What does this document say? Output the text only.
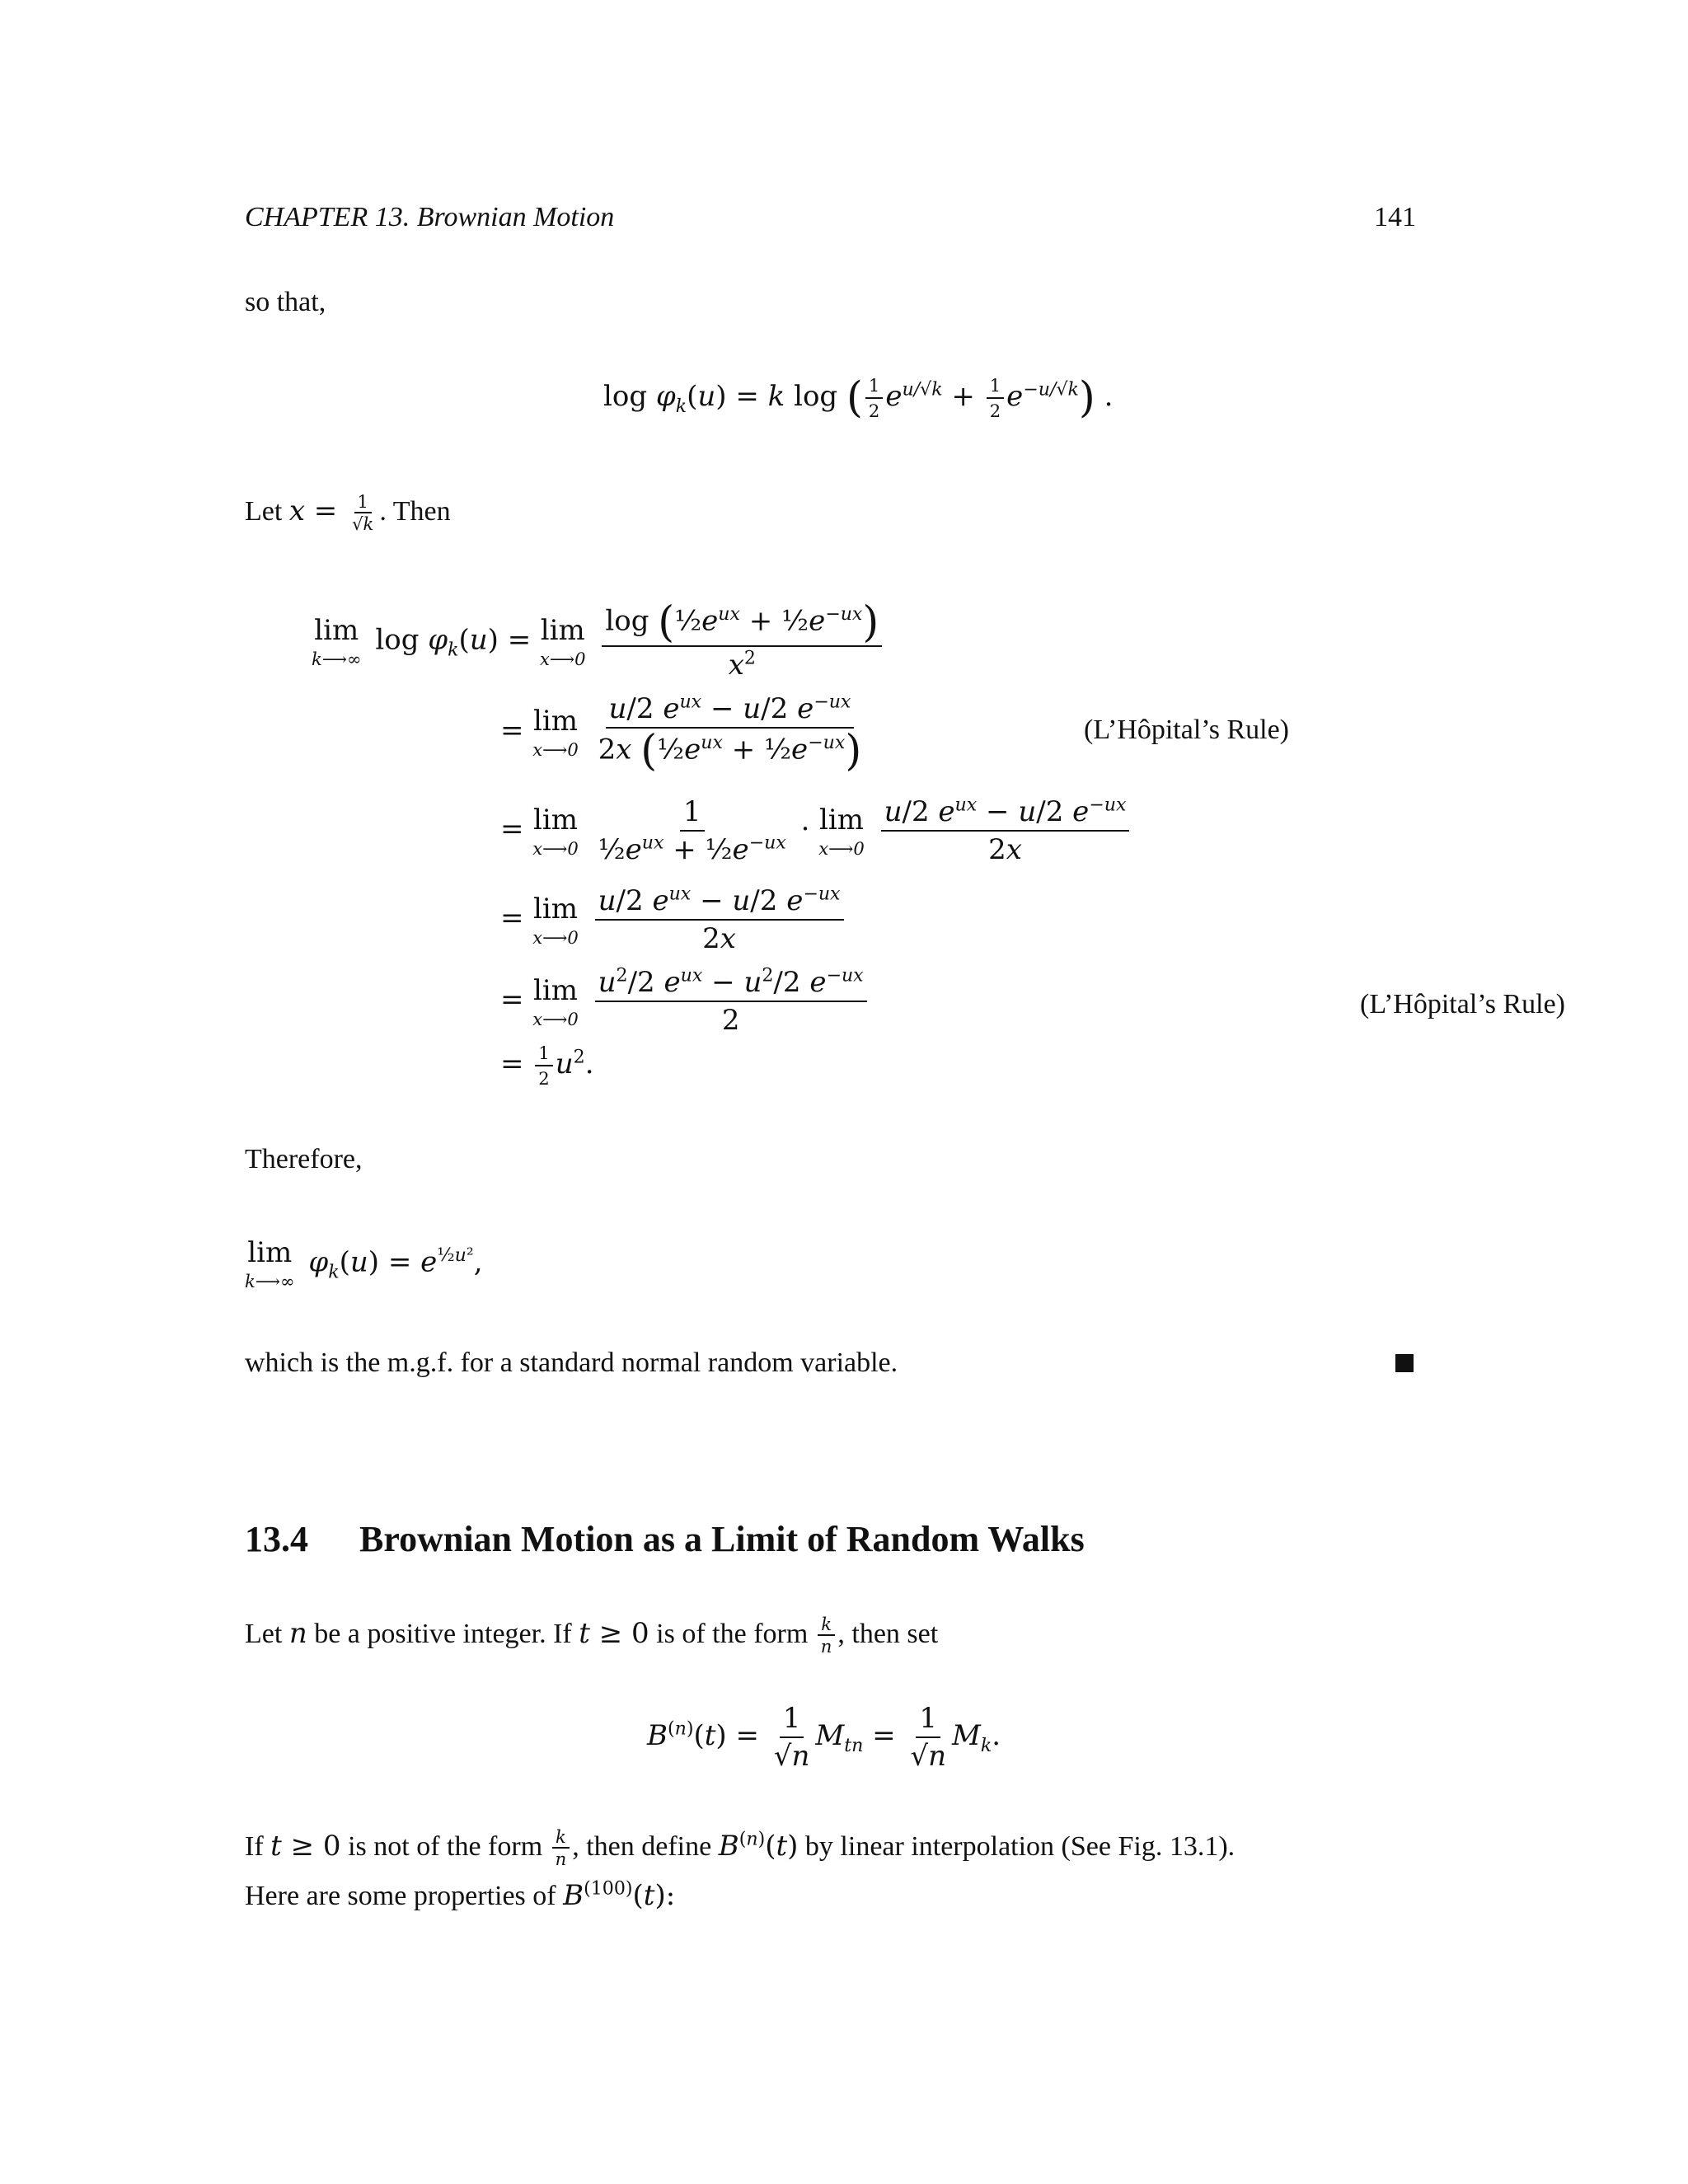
CHAPTER 13. Brownian Motion	141
so that,
$\log \varphi_k(u) = k$ log ( $\frac{1}{2} e^{u/√k} + \frac{1}{2} e^{-u/√k}$) .
Let $x = \frac{1}{√k}$ . Then
lim
k⟶∞
$\log \varphi_k(u) = \lim$
x⟶0
$\frac{\log (\frac{1}{2}e^{ux} + \frac{1}{2}e^{-ux})}{x^2}$
= lim
x⟶0
$\frac{u/2 e^{ux} - u/2 e^{-ux}}{2x (\frac{1}{2}e^{ux} + \frac{1}{2}e^{-ux})}$	(L’Hôpital’s Rule)
= lim
x⟶0
$\frac{1}{\frac{1}{2}e^{ux} + \frac{1}{2}e^{-ux}} \cdot \lim$
x⟶0
$\frac{u/2 e^{ux} - u/2 e^{-ux}}{2x}$
= lim
x⟶0
$\frac{u/2 e^{ux} - u/2 e^{-ux}}{2x}$
= lim
x⟶0
$\frac{u^2/2 e^{ux} - u^2/2 e^{-ux}}{2}$	(L’Hôpital’s Rule)
= $\frac{1}{2} u^2$.
Therefore,
lim
k⟶∞
$\varphi_k(u) = e^{\frac{1}{2}u^2}$,
which is the m.g.f. for a standard normal random variable.
13.4 Brownian Motion as a Limit of Random Walks
Let n be a positive integer. If t ≥ 0 is of the form $\frac{k}{n}$ , then set
$B^{(n)}(t) = \frac{1}{√n} M_{tn} = \frac{1}{√n} M_k$.
If t ≥ 0 is not of the form $\frac{k}{n}$ , then define $B^{(n)}(t)$ by linear interpolation (See Fig. 13.1).
Here are some properties of $B^{(100)}(t)$:
